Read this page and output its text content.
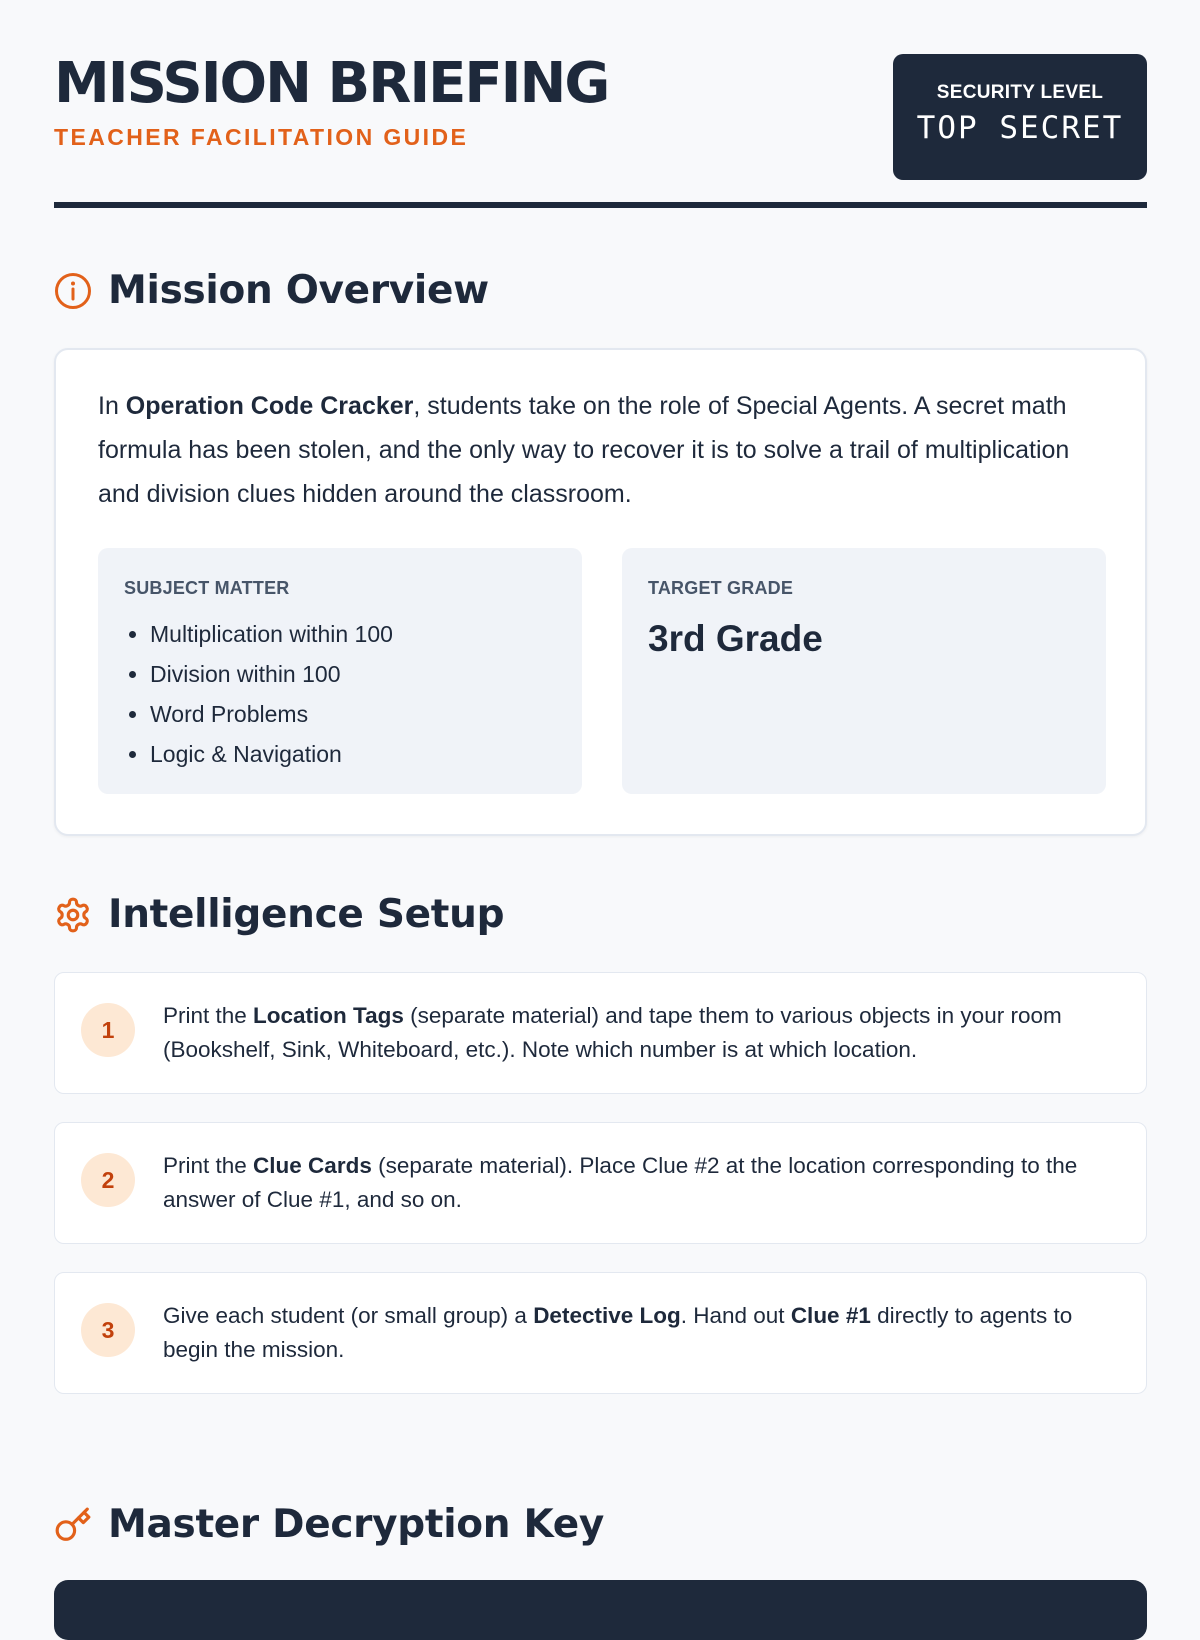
MISSION BRIEFING
TEACHER FACILITATION GUIDE
SECURITY LEVEL
TOP SECRET
Mission Overview
In Operation Code Cracker, students take on the role of Special Agents. A secret math formula has been stolen, and the only way to recover it is to solve a trail of multiplication and division clues hidden around the classroom.
SUBJECT MATTER
• Multiplication within 100
• Division within 100
• Word Problems
• Logic & Navigation
TARGET GRADE
3rd Grade
Intelligence Setup
1
Print the Location Tags (separate material) and tape them to various objects in your room (Bookshelf, Sink, Whiteboard, etc.). Note which number is at which location.
2
Print the Clue Cards (separate material). Place Clue #2 at the location corresponding to the answer of Clue #1, and so on.
3
Give each student (or small group) a Detective Log. Hand out Clue #1 directly to agents to begin the mission.
Master Decryption Key
